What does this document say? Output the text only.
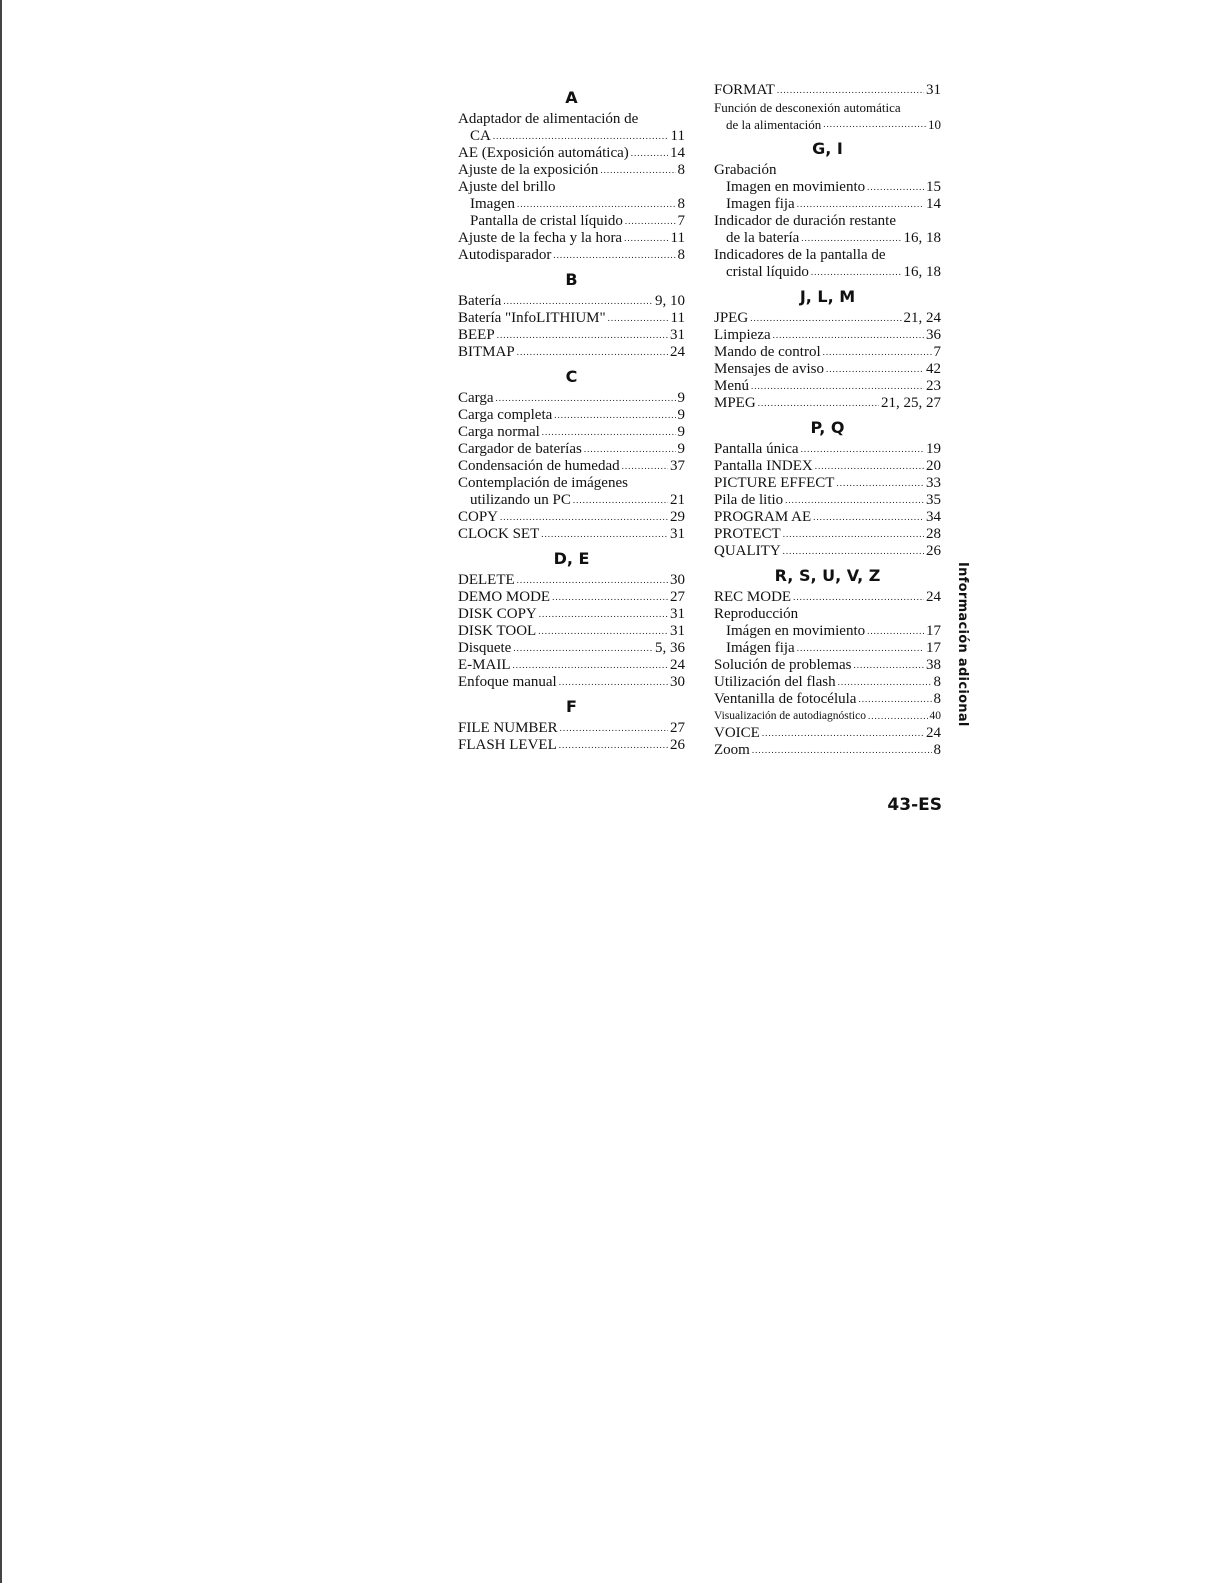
A
Adaptador de alimentación de
CA .....	11
AE (Exposición automática) .....	14
Ajuste de la exposición .....	8
Ajuste del brillo
Imagen .....	8
Pantalla de cristal líquido .....	7
Ajuste de la fecha y la hora .....	11
Autodisparador .....	8
B
Batería .....	9, 10
Batería "InfoLITHIUM" .....	11
BEEP .....	31
BITMAP .....	24
C
Carga .....	9
Carga completa .....	9
Carga normal .....	9
Cargador de baterías .....	9
Condensación de humedad .....	37
Contemplación de imágenes
utilizando un PC .....	21
COPY .....	29
CLOCK SET .....	31
D, E
DELETE .....	30
DEMO MODE .....	27
DISK COPY .....	31
DISK TOOL .....	31
Disquete .....	5, 36
E-MAIL .....	24
Enfoque manual .....	30
F
FILE NUMBER .....	27
FLASH LEVEL .....	26
FORMAT .....	31
Función de desconexión automática
de la alimentación .....	10
G, I
Grabación
Imagen en movimiento .....	15
Imagen fija .....	14
Indicador de duración restante
de la batería .....	16, 18
Indicadores de la pantalla de
cristal líquido .....	16, 18
J, L, M
JPEG .....	21, 24
Limpieza .....	36
Mando de control .....	7
Mensajes de aviso .....	42
Menú .....	23
MPEG .....	21, 25, 27
P, Q
Pantalla única .....	19
Pantalla INDEX .....	20
PICTURE EFFECT .....	33
Pila de litio .....	35
PROGRAM AE .....	34
PROTECT .....	28
QUALITY .....	26
R, S, U, V, Z
REC MODE .....	24
Reproducción
Imágen en movimiento .....	17
Imágen fija .....	17
Solución de problemas .....	38
Utilización del flash .....	8
Ventanilla de fotocélula .....	8
Visualización de autodiagnóstico .....	40
VOICE .....	24
Zoom .....	8
43-ES
Información adicional
